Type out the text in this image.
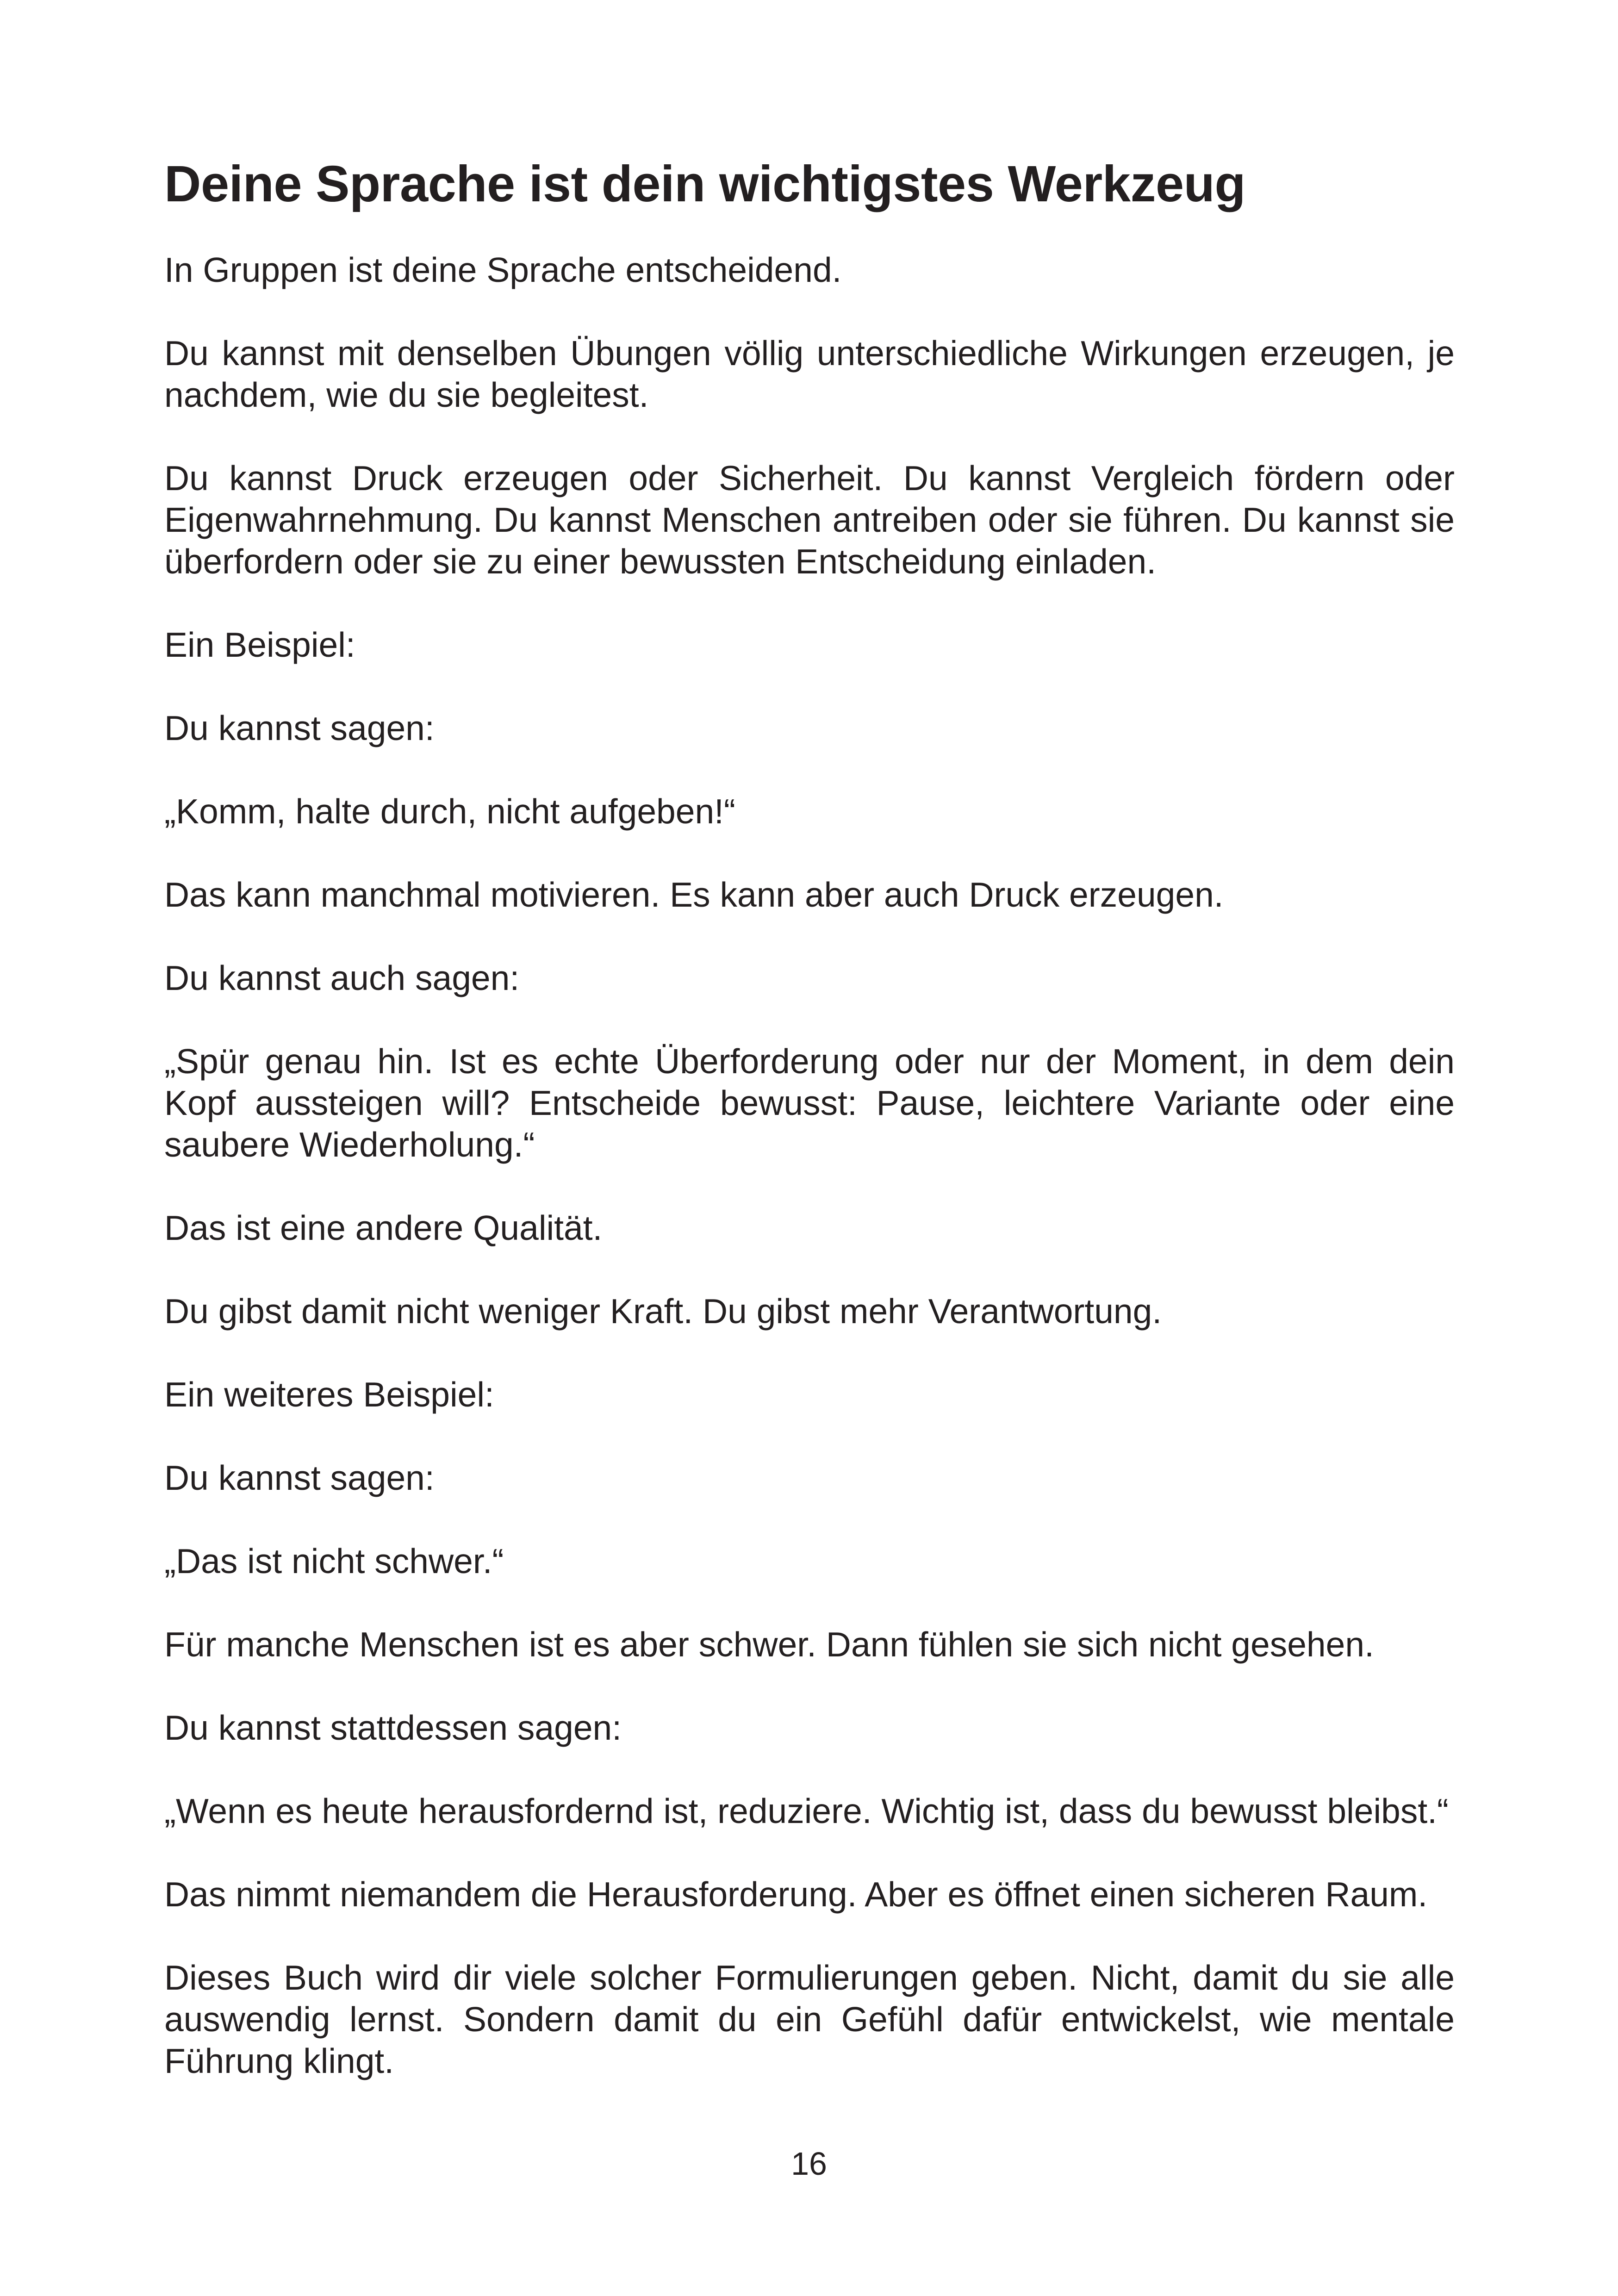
Deine Sprache ist dein wichtigstes Werkzeug

In Gruppen ist deine Sprache entscheidend.

Du kannst mit denselben Übungen völlig unterschiedliche Wirkungen erzeugen, je nachdem, wie du sie begleitest.

Du kannst Druck erzeugen oder Sicherheit. Du kannst Vergleich fördern oder Eigenwahrnehmung. Du kannst Menschen antreiben oder sie führen. Du kannst sie überfordern oder sie zu einer bewussten Entscheidung einladen.

Ein Beispiel:

Du kannst sagen:

„Komm, halte durch, nicht aufgeben!“

Das kann manchmal motivieren. Es kann aber auch Druck erzeugen.

Du kannst auch sagen:

„Spür genau hin. Ist es echte Überforderung oder nur der Moment, in dem dein Kopf aussteigen will? Entscheide bewusst: Pause, leichtere Variante oder eine saubere Wiederholung.“

Das ist eine andere Qualität.

Du gibst damit nicht weniger Kraft. Du gibst mehr Verantwortung.

Ein weiteres Beispiel:

Du kannst sagen:

„Das ist nicht schwer.“

Für manche Menschen ist es aber schwer. Dann fühlen sie sich nicht gesehen.

Du kannst stattdessen sagen:

„Wenn es heute herausfordernd ist, reduziere. Wichtig ist, dass du bewusst bleibst.“

Das nimmt niemandem die Herausforderung. Aber es öffnet einen sicheren Raum.

Dieses Buch wird dir viele solcher Formulierungen geben. Nicht, damit du sie alle auswendig lernst. Sondern damit du ein Gefühl dafür entwickelst, wie mentale Führung klingt.

16
